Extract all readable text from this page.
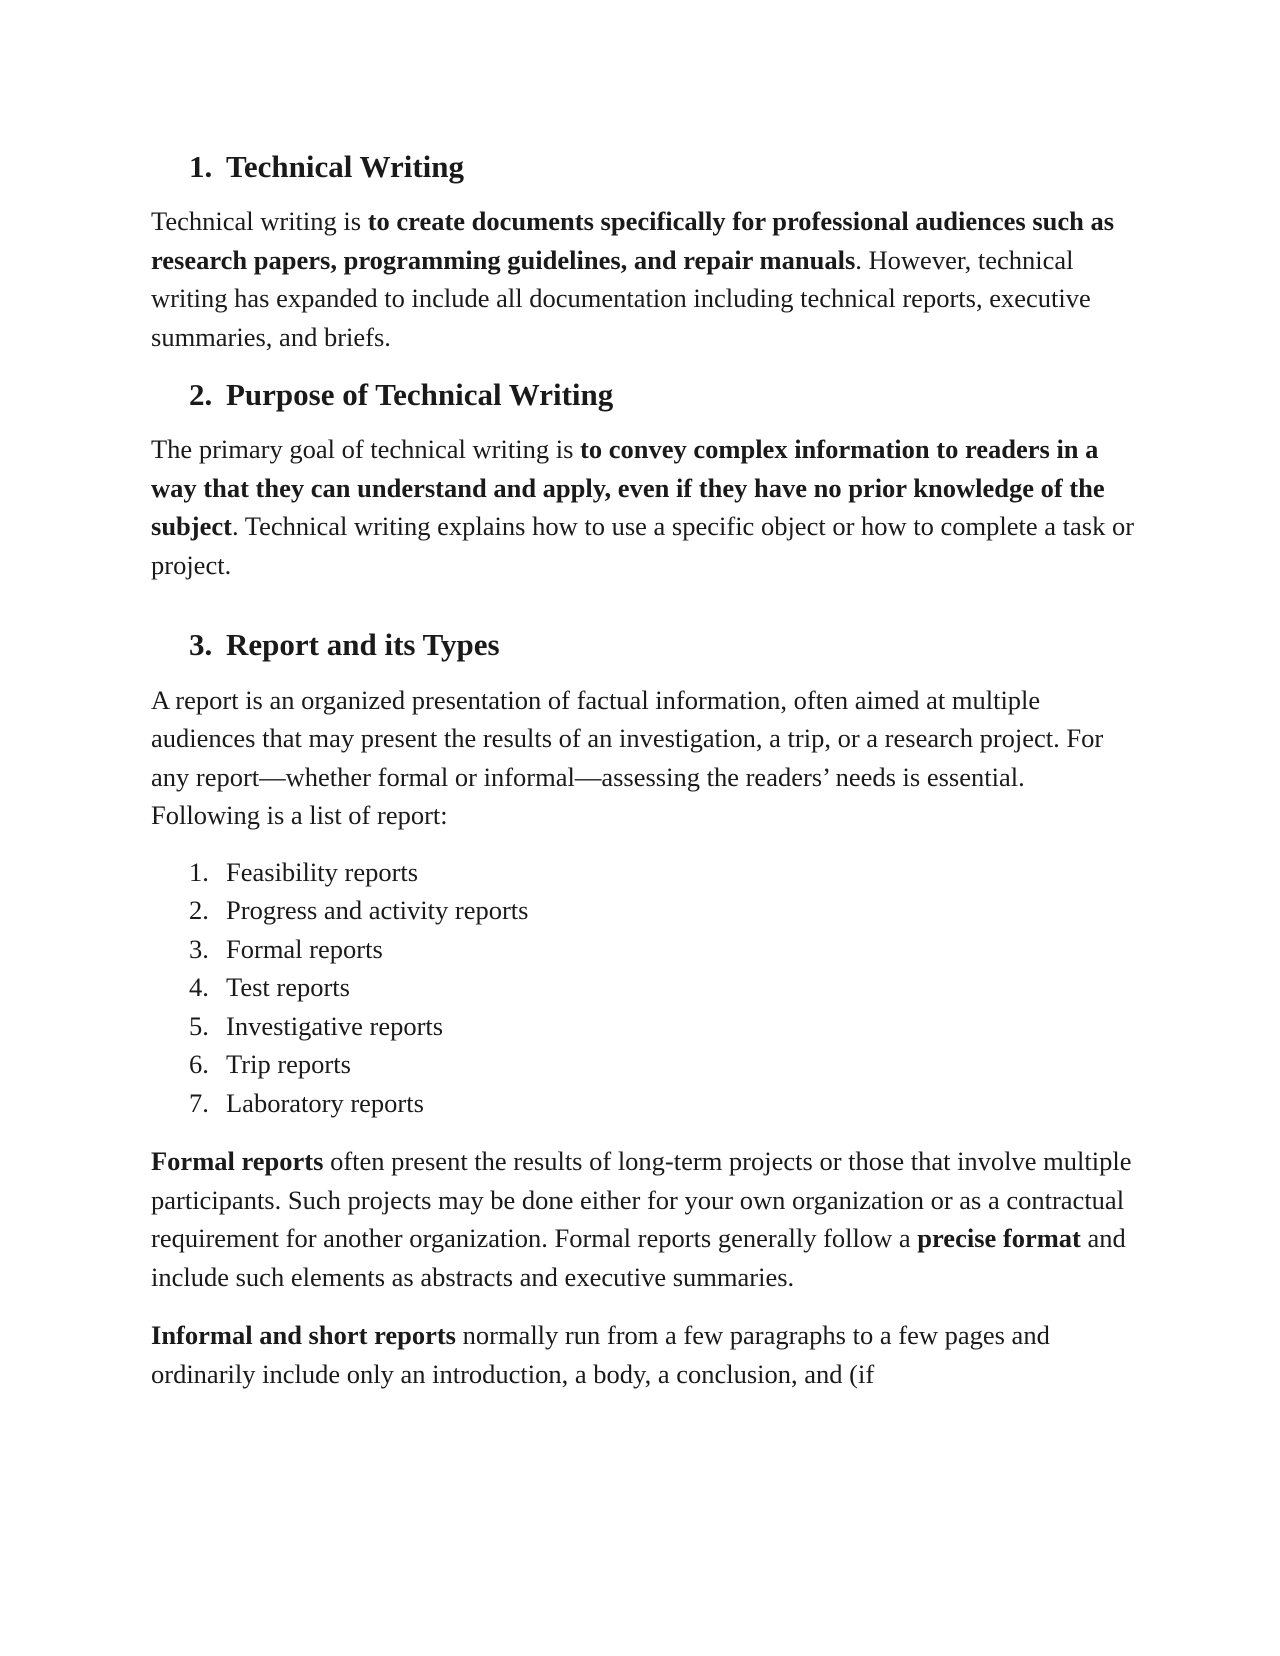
1. Technical Writing

Technical writing is to create documents specifically for professional audiences such as research papers, programming guidelines, and repair manuals. However, technical writing has expanded to include all documentation including technical reports, executive summaries, and briefs.

2. Purpose of Technical Writing

The primary goal of technical writing is to convey complex information to readers in a way that they can understand and apply, even if they have no prior knowledge of the subject. Technical writing explains how to use a specific object or how to complete a task or project.

3. Report and its Types

A report is an organized presentation of factual information, often aimed at multiple audiences that may present the results of an investigation, a trip, or a research project. For any report—whether formal or informal—assessing the readers’ needs is essential. Following is a list of report:

1. Feasibility reports
2. Progress and activity reports
3. Formal reports
4. Test reports
5. Investigative reports
6. Trip reports
7. Laboratory reports

Formal reports often present the results of long-term projects or those that involve multiple participants. Such projects may be done either for your own organization or as a contractual requirement for another organization. Formal reports generally follow a precise format and include such elements as abstracts and executive summaries.

Informal and short reports normally run from a few paragraphs to a few pages and ordinarily include only an introduction, a body, a conclusion, and (if
